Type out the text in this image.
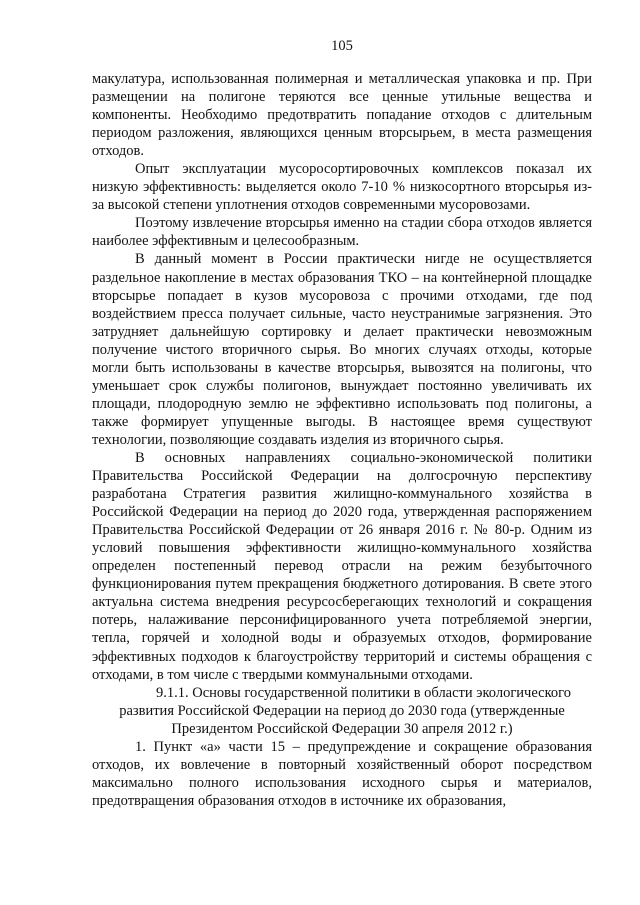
105

макулатура, использованная полимерная и металлическая упаковка и пр. При размещении на полигоне теряются все ценные утильные вещества и компоненты. Необходимо предотвратить попадание отходов с длительным периодом разложения, являющихся ценным вторсырьем, в места размещения отходов.

Опыт эксплуатации мусоросортировочных комплексов показал их низкую эффективность: выделяется около 7-10 % низкосортного вторсырья из-за высокой степени уплотнения отходов современными мусоровозами.

Поэтому извлечение вторсырья именно на стадии сбора отходов является наиболее эффективным и целесообразным.

В данный момент в России практически нигде не осуществляется раздельное накопление в местах образования ТКО – на контейнерной площадке вторсырье попадает в кузов мусоровоза с прочими отходами, где под воздействием пресса получает сильные, часто неустранимые загрязнения. Это затрудняет дальнейшую сортировку и делает практически невозможным получение чистого вторичного сырья. Во многих случаях отходы, которые могли быть использованы в качестве вторсырья, вывозятся на полигоны, что уменьшает срок службы полигонов, вынуждает постоянно увеличивать их площади, плодородную землю не эффективно использовать под полигоны, а также формирует упущенные выгоды. В настоящее время существуют технологии, позволяющие создавать изделия из вторичного сырья.

В основных направлениях социально-экономической политики Правительства Российской Федерации на долгосрочную перспективу разработана Стратегия развития жилищно-коммунального хозяйства в Российской Федерации на период до 2020 года, утвержденная распоряжением Правительства Российской Федерации от 26 января 2016 г. № 80-р. Одним из условий повышения эффективности жилищно-коммунального хозяйства определен постепенный перевод отрасли на режим безубыточного функционирования путем прекращения бюджетного дотирования. В свете этого актуальна система внедрения ресурсосберегающих технологий и сокращения потерь, налаживание персонифицированного учета потребляемой энергии, тепла, горячей и холодной воды и образуемых отходов, формирование эффективных подходов к благоустройству территорий и системы обращения с отходами, в том числе с твердыми коммунальными отходами.

9.1.1. Основы государственной политики в области экологического развития Российской Федерации на период до 2030 года (утвержденные Президентом Российской Федерации 30 апреля 2012 г.)

1. Пункт «а» части 15 – предупреждение и сокращение образования отходов, их вовлечение в повторный хозяйственный оборот посредством максимально полного использования исходного сырья и материалов, предотвращения образования отходов в источнике их образования,
